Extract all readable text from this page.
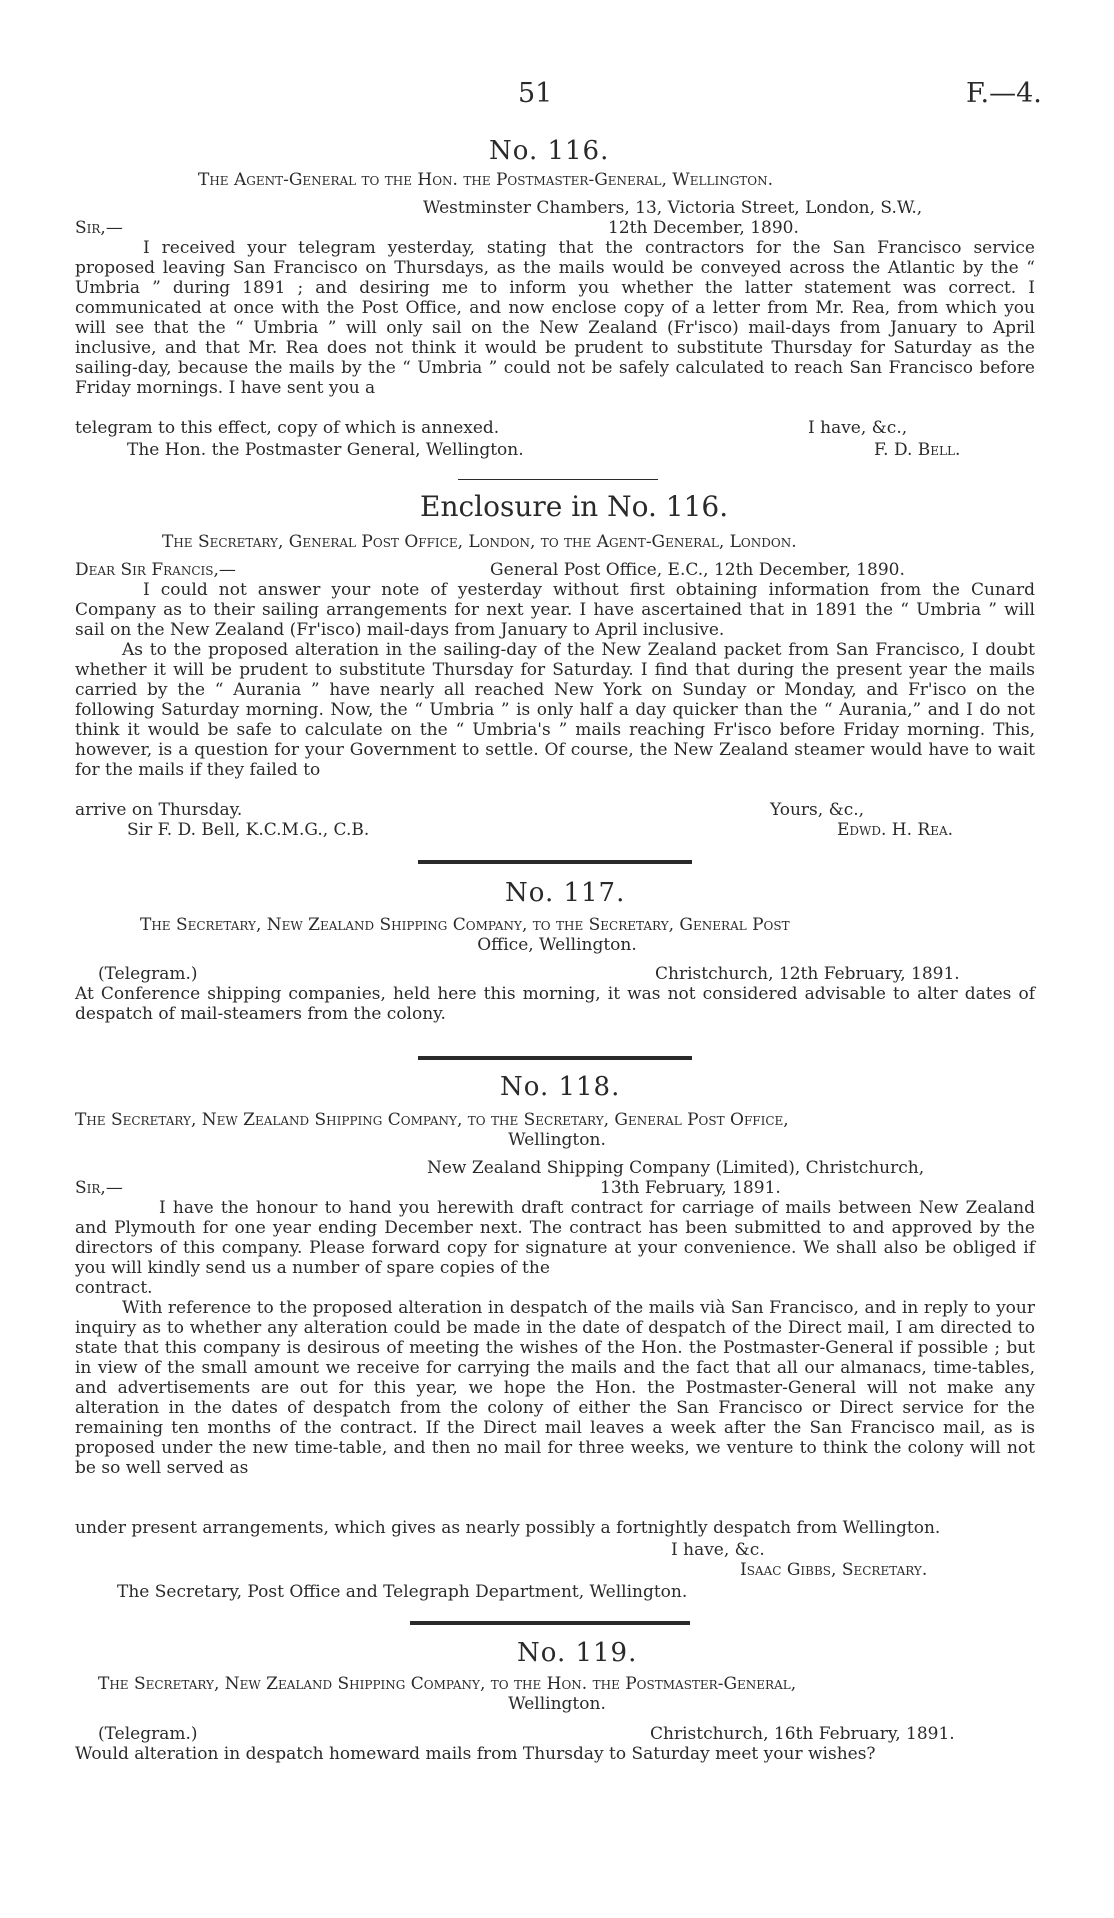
51	F.—4.
No. 116.
The Agent-General to the Hon. the Postmaster-General, Wellington.
Westminster Chambers, 13, Victoria Street, London, S.W.,
Sir,—	12th December, 1890.
I received your telegram yesterday, stating that the contractors for the San Francisco service proposed leaving San Francisco on Thursdays, as the mails would be conveyed across the Atlantic by the “ Umbria ” during 1891 ; and desiring me to inform you whether the latter statement was correct. I communicated at once with the Post Office, and now enclose copy of a letter from Mr. Rea, from which you will see that the “ Umbria ” will only sail on the New Zealand (Fr'isco) mail-days from January to April inclusive, and that Mr. Rea does not think it would be prudent to substitute Thursday for Saturday as the sailing-day, because the mails by the “ Umbria ” could not be safely calculated to reach San Francisco before Friday mornings. I have sent you a
telegram to this effect, copy of which is annexed.	I have, &c.,
The Hon. the Postmaster General, Wellington.	F. D. Bell.
Enclosure in No. 116.
The Secretary, General Post Office, London, to the Agent-General, London.
Dear Sir Francis,—	General Post Office, E.C., 12th December, 1890.
I could not answer your note of yesterday without first obtaining information from the Cunard Company as to their sailing arrangements for next year. I have ascertained that in 1891 the “ Umbria ” will sail on the New Zealand (Fr'isco) mail-days from January to April inclusive.
As to the proposed alteration in the sailing-day of the New Zealand packet from San Francisco, I doubt whether it will be prudent to substitute Thursday for Saturday. I find that during the present year the mails carried by the “ Aurania ” have nearly all reached New York on Sunday or Monday, and Fr'isco on the following Saturday morning. Now, the “ Umbria ” is only half a day quicker than the “ Aurania,” and I do not think it would be safe to calculate on the “ Umbria's ” mails reaching Fr'isco before Friday morning. This, however, is a question for your Government to settle. Of course, the New Zealand steamer would have to wait for the mails if they failed to
arrive on Thursday.	Yours, &c.,
Sir F. D. Bell, K.C.M.G., C.B.	Edwd. H. Rea.
No. 117.
The Secretary, New Zealand Shipping Company, to the Secretary, General Post
Office, Wellington.
(Telegram.)	Christchurch, 12th February, 1891.
At Conference shipping companies, held here this morning, it was not considered advisable to alter dates of despatch of mail-steamers from the colony.
No. 118.
The Secretary, New Zealand Shipping Company, to the Secretary, General Post Office,
Wellington.
New Zealand Shipping Company (Limited), Christchurch,
Sir,—	13th February, 1891.
I have the honour to hand you herewith draft contract for carriage of mails between New Zealand and Plymouth for one year ending December next. The contract has been submitted to and approved by the directors of this company. Please forward copy for signature at your convenience. We shall also be obliged if you will kindly send us a number of spare copies of the
contract.
With reference to the proposed alteration in despatch of the mails vià San Francisco, and in reply to your inquiry as to whether any alteration could be made in the date of despatch of the Direct mail, I am directed to state that this company is desirous of meeting the wishes of the Hon. the Postmaster-General if possible ; but in view of the small amount we receive for carrying the mails and the fact that all our almanacs, time-tables, and advertisements are out for this year, we hope the Hon. the Postmaster-General will not make any alteration in the dates of despatch from the colony of either the San Francisco or Direct service for the remaining ten months of the contract. If the Direct mail leaves a week after the San Francisco mail, as is proposed under the new time-table, and then no mail for three weeks, we venture to think the colony will not be so well served as
under present arrangements, which gives as nearly possibly a fortnightly despatch from Wellington.
I have, &c.
Isaac Gibbs, Secretary.
The Secretary, Post Office and Telegraph Department, Wellington.
No. 119.
The Secretary, New Zealand Shipping Company, to the Hon. the Postmaster-General,
Wellington.
(Telegram.)	Christchurch, 16th February, 1891.
Would alteration in despatch homeward mails from Thursday to Saturday meet your wishes?
